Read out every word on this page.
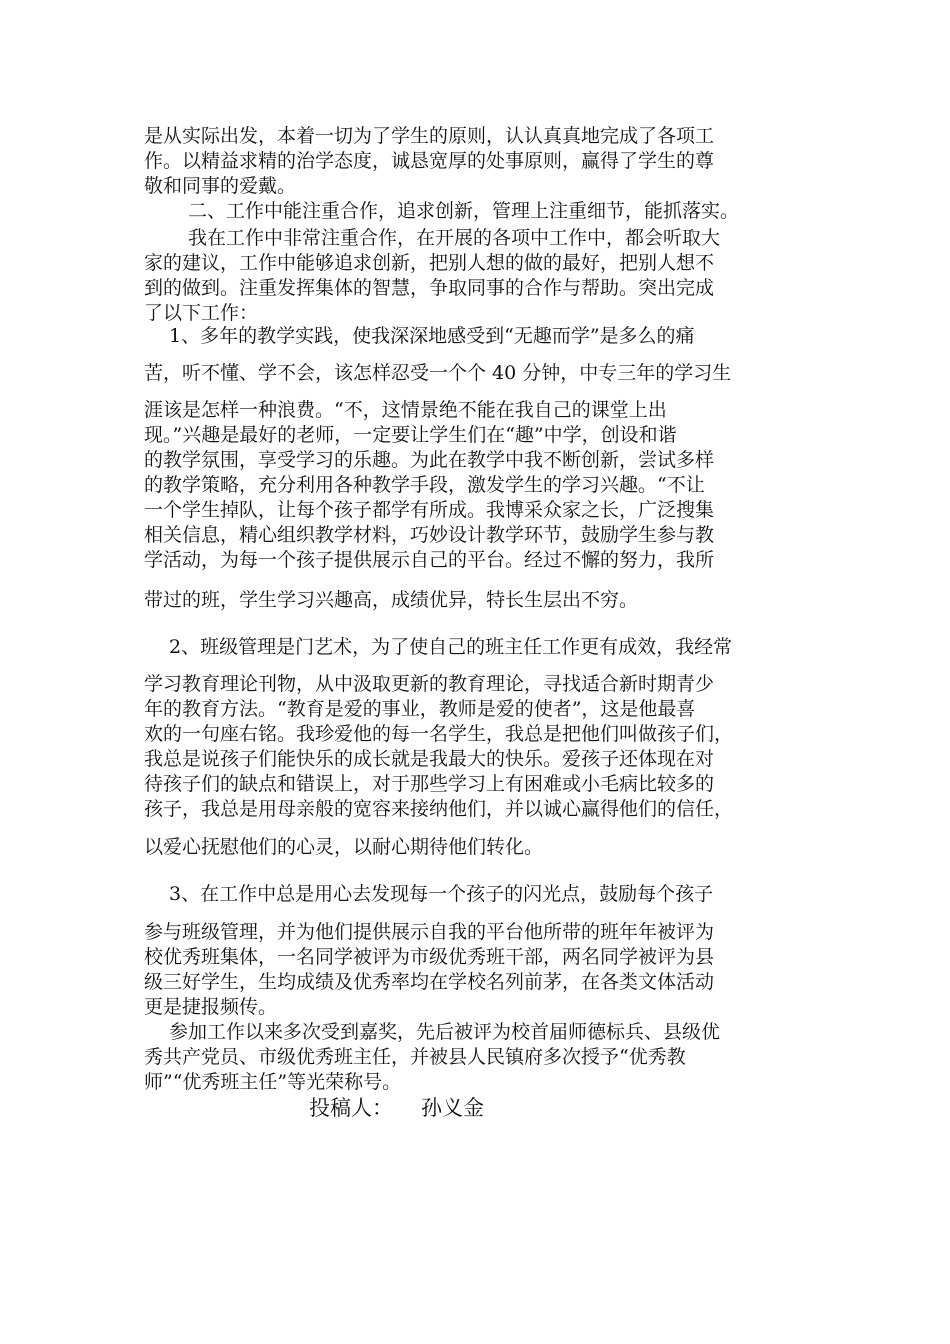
是从实际出发，本着一切为了学生的原则，认认真真地完成了各项工
作。以精益求精的治学态度，诚恳宽厚的处事原则，赢得了学生的尊
敬和同事的爱戴。
　　 二、工作中能注重合作，追求创新，管理上注重细节，能抓落实。
　　 我在工作中非常注重合作，在开展的各项中工作中，都会听取大
家的建议，工作中能够追求创新，把别人想的做的最好，把别人想不
到的做到。注重发挥集体的智慧，争取同事的合作与帮助。突出完成
了以下工作：
　 1、多年的教学实践，使我深深地感受到“无趣而学”是多么的痛
苦，听不懂、学不会，该怎样忍受一个个 40 分钟，中专三年的学习生
涯该是怎样一种浪费。“不，这情景绝不能在我自己的课堂上出
现。”兴趣是最好的老师，一定要让学生们在“趣”中学，创设和谐
的教学氛围，享受学习的乐趣。为此在教学中我不断创新，尝试多样
的教学策略，充分利用各种教学手段，激发学生的学习兴趣。“不让
一个学生掉队，让每个孩子都学有所成。我博采众家之长，广泛搜集
相关信息，精心组织教学材料，巧妙设计教学环节，鼓励学生参与教
学活动，为每一个孩子提供展示自己的平台。经过不懈的努力，我所
带过的班，学生学习兴趣高，成绩优异，特长生层出不穷。
　 2、班级管理是门艺术，为了使自己的班主任工作更有成效，我经常
学习教育理论刊物，从中汲取更新的教育理论，寻找适合新时期青少
年的教育方法。“教育是爱的事业，教师是爱的使者”，这是他最喜
欢的一句座右铭。我珍爱他的每一名学生，我总是把他们叫做孩子们，
我总是说孩子们能快乐的成长就是我最大的快乐。爱孩子还体现在对
待孩子们的缺点和错误上，对于那些学习上有困难或小毛病比较多的
孩子，我总是用母亲般的宽容来接纳他们，并以诚心赢得他们的信任，
以爱心抚慰他们的心灵，以耐心期待他们转化。
　 3、在工作中总是用心去发现每一个孩子的闪光点，鼓励每个孩子
参与班级管理，并为他们提供展示自我的平台他所带的班年年被评为
校优秀班集体，一名同学被评为市级优秀班干部，两名同学被评为县
级三好学生，生均成绩及优秀率均在学校名列前茅，在各类文体活动
更是捷报频传。
　 参加工作以来多次受到嘉奖，先后被评为校首届师德标兵、县级优
秀共产党员、市级优秀班主任，并被县人民镇府多次授予“优秀教
师”“优秀班主任”等光荣称号。
投稿人： 孙义金
